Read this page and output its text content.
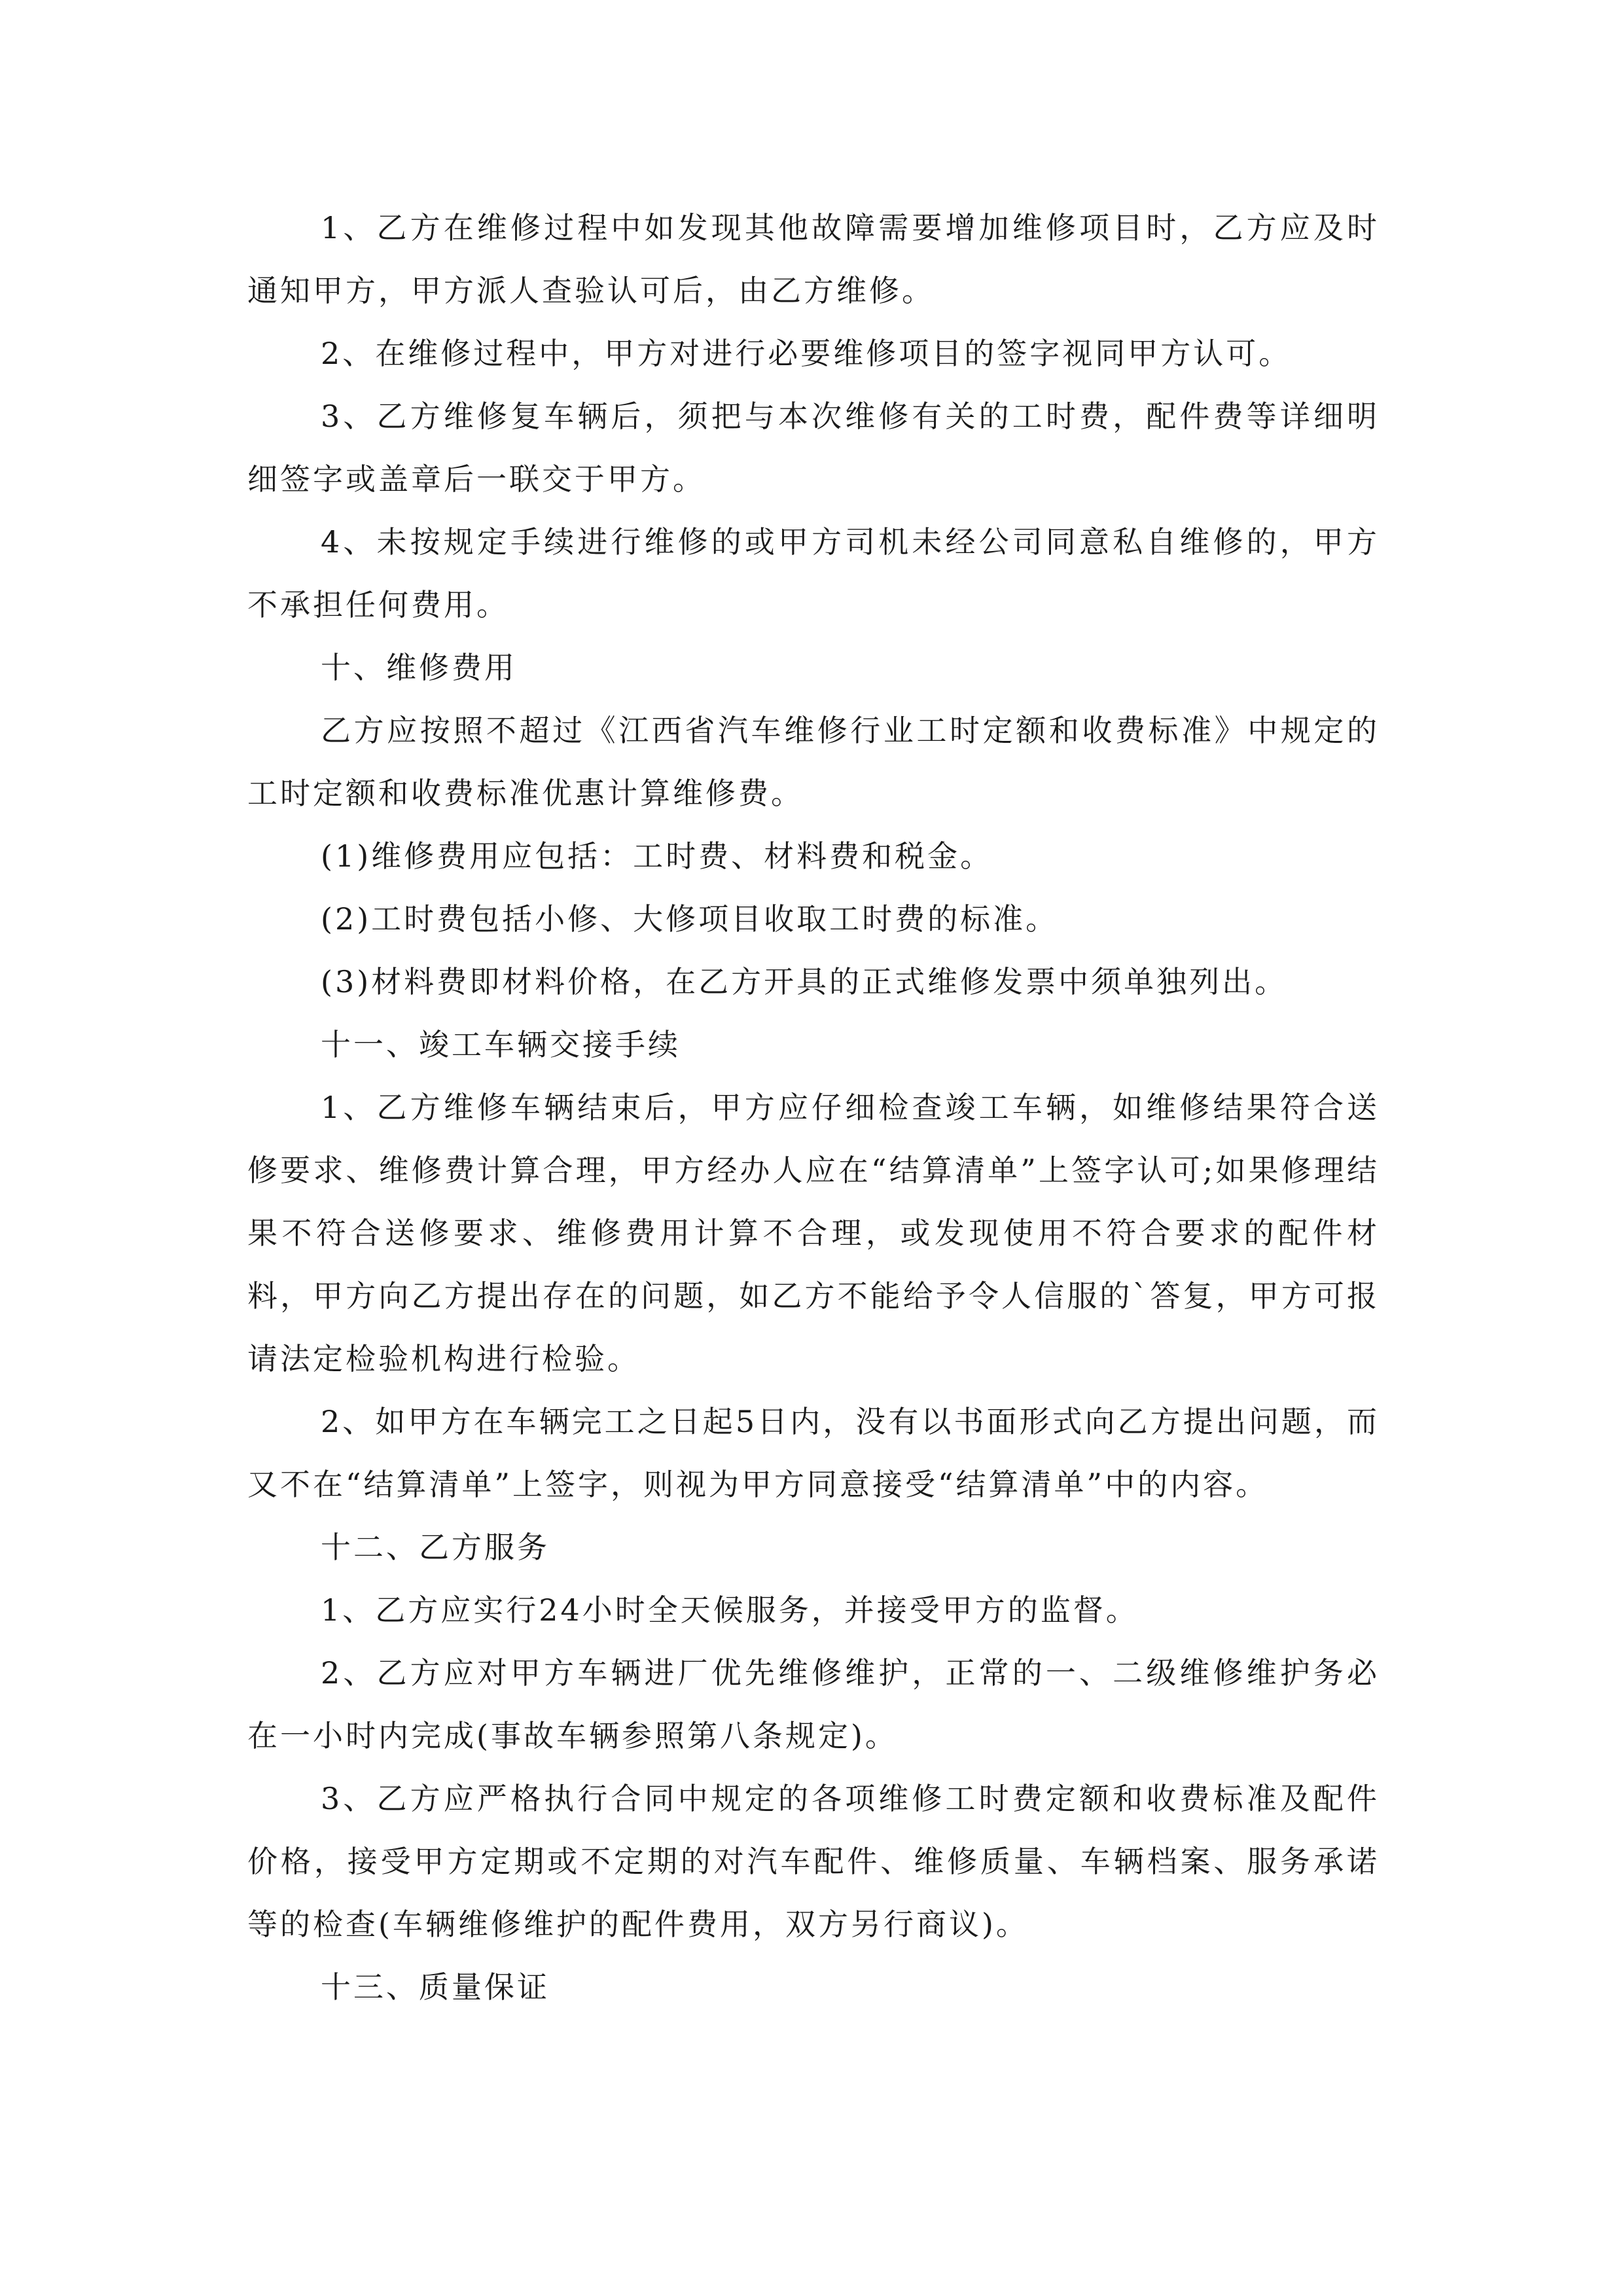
1、乙方在维修过程中如发现其他故障需要增加维修项目时，乙方应及时通知甲方，甲方派人查验认可后，由乙方维修。

2、在维修过程中，甲方对进行必要维修项目的签字视同甲方认可。

3、乙方维修复车辆后，须把与本次维修有关的工时费，配件费等详细明细签字或盖章后一联交于甲方。

4、未按规定手续进行维修的或甲方司机未经公司同意私自维修的，甲方不承担任何费用。

十、维修费用

乙方应按照不超过《江西省汽车维修行业工时定额和收费标准》中规定的工时定额和收费标准优惠计算维修费。

(1)维修费用应包括：工时费、材料费和税金。

(2)工时费包括小修、大修项目收取工时费的标准。

(3)材料费即材料价格，在乙方开具的正式维修发票中须单独列出。

十一、竣工车辆交接手续

1、乙方维修车辆结束后，甲方应仔细检查竣工车辆，如维修结果符合送修要求、维修费计算合理，甲方经办人应在“结算清单”上签字认可;如果修理结果不符合送修要求、维修费用计算不合理，或发现使用不符合要求的配件材料，甲方向乙方提出存在的问题，如乙方不能给予令人信服的`答复，甲方可报请法定检验机构进行检验。

2、如甲方在车辆完工之日起5日内，没有以书面形式向乙方提出问题，而又不在“结算清单”上签字，则视为甲方同意接受“结算清单”中的内容。

十二、乙方服务

1、乙方应实行24小时全天候服务，并接受甲方的监督。

2、乙方应对甲方车辆进厂优先维修维护，正常的一、二级维修维护务必在一小时内完成(事故车辆参照第八条规定)。

3、乙方应严格执行合同中规定的各项维修工时费定额和收费标准及配件价格，接受甲方定期或不定期的对汽车配件、维修质量、车辆档案、服务承诺等的检查(车辆维修维护的配件费用，双方另行商议)。

十三、质量保证
